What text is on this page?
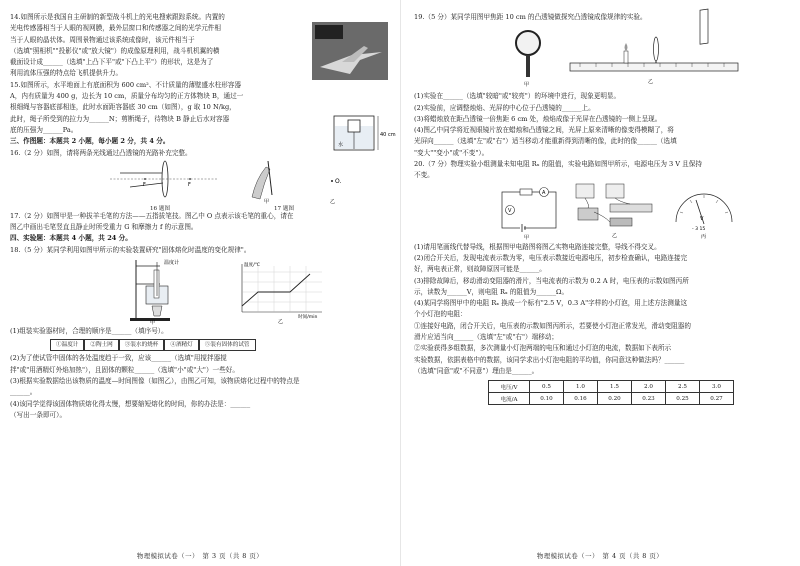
14.如图所示是我国自主研制的新型战斗机上的光电搜索跟踪系统。内置的

光电传感器相当于人眼的视网膜，最外层窗口和传感器之间的光学元件相

当于人眼的晶状体。周围景物通过该系统成像时，该元件相当于

（选填"照相机""投影仪"或"放大镜"）的成像原理利用，战斗机机翼的横

截面设计成______（选填"上凸下平"或"下凸上平"）的形状，这是为了

利用流体压强的特点给飞机提供升力。

15.如图所示，水平地面上有底面积为 600 cm²、不计质量的薄壁盛水柱形容器

A，内有质量为 400 g，边长为 10 cm，质量分布均匀的正方体物块 B，通过一

根细绳与容器底部相连，此时水面距容器底 30 cm（如图），g 取 10 N/kg，

此时，绳子所受到的拉力为______N；剪断绳子，待物块 B 静止后水对容器

底的压强为______Pa。

40 cm
水

三、作图题：本题共 2 小题，每小题 2 分，共 4 分。

16.（2 分）如图，请将两条光线通过凸透镜的光路补充完整。

F	F	O.
甲	乙
16 题图	17 题图

17.（2 分）如图甲是一种拔羊毛笔的方法——五指拔笔技。图乙中 O 点表示该毛笔的重心，请在

图乙中画出毛笔竖直且静止时所受重力 G 和摩擦力 f 的示意图。

四、实验题：本题共 4 小题，共 24 分。

18.（5 分）某同学利用如图甲所示的实验装置研究"固体熔化时温度的变化规律"。

温度计
甲
温度/℃
时间/min
乙

(1)组装实验器材时，合理的顺序是______（填序号）。

①温度计	②陶土网	③装水的烧杯	④酒精灯	⑤装有固体的试管

(2)为了使试管中固体的各处温度趋于一致，应该______（选填"用搅拌器搅

拌"或"用酒精灯外焰加热"），且固体的颗粒______（选填"小"或"大"）一些好。

(3)根据实验数据绘出该物质的温度—时间图像（如图乙），由图乙可知，该物质熔化过程中的特点是

______。

(4)该同学觉得该固体物质熔化得太慢，想要缩短熔化的时间，你的办法是：______

（写出一条即可）。

物理模拟试卷（一）　第 3 页（共 8 页）

19.（5 分）某同学用图甲焦距 10 cm 的凸透镜做探究凸透镜成像规律的实验。

甲	乙

(1)实验在______（选填"较暗"或"较亮"）的环境中进行，现象更明显。

(2)实验前，应调整烛焰、光屏的中心位于凸透镜的______上。

(3)将蜡烛放在距凸透镜一倍焦距 6 cm 处，烛焰成像于光屏在凸透镜的一侧上呈现。

(4)图乙中同学将近视眼镜片放在蜡烛和凸透镜之间，光屏上原来清晰的像变得模糊了，将

光屏向______（选填"左"或"右"）适当移动才能重新得到清晰的像，此时的像______（选填

"变大""变小"或"不变"）。

20.（7 分）物理实验小组测量未知电阻 Rₓ 的阻值，实验电路如图甲所示，电源电压为 3 V 且保持

不变。

V
A
甲	乙
V
- 3 15
丙

(1)请用笔画线代替导线，根据图甲电路图将图乙实物电路连接完整，导线不得交叉。

(2)闭合开关后，发现电流表示数为零，电压表示数接近电源电压，初步检查确认，电路连接完

好，两电表正常，则故障原因可能是______。

(3)排除故障后，移动滑动变阻器的滑片，当电流表的示数为 0.2 A 时，电压表的示数如图丙所

示，读数为______V，则电阻 Rₓ 的阻值为______Ω。

(4)某同学将图甲中的电阻 Rₓ 换成一个标有"2.5 V，0.3 A"字样的小灯泡，用上述方法测量这

个小灯泡的电阻：

①连接好电路，闭合开关后，电压表的示数如图丙所示，若要使小灯泡正常发光，滑动变阻器的

滑片应适当向______（选填"左"或"右"）端移动；

②实验获得多组数据，多次测量小灯泡两端的电压和通过小灯泡的电流，数据如下表所示

实验数据，依据表格中的数据，该同学求出小灯泡电阻的平均值，你同意这种做法吗？______

（选填"同意"或"不同意"）理由是______。

电压/V	0.5	1.0	1.5	2.0	2.5	3.0
电流/A	0.10	0.16	0.20	0.23	0.25	0.27
物理模拟试卷（一）　第 4 页（共 8 页）
